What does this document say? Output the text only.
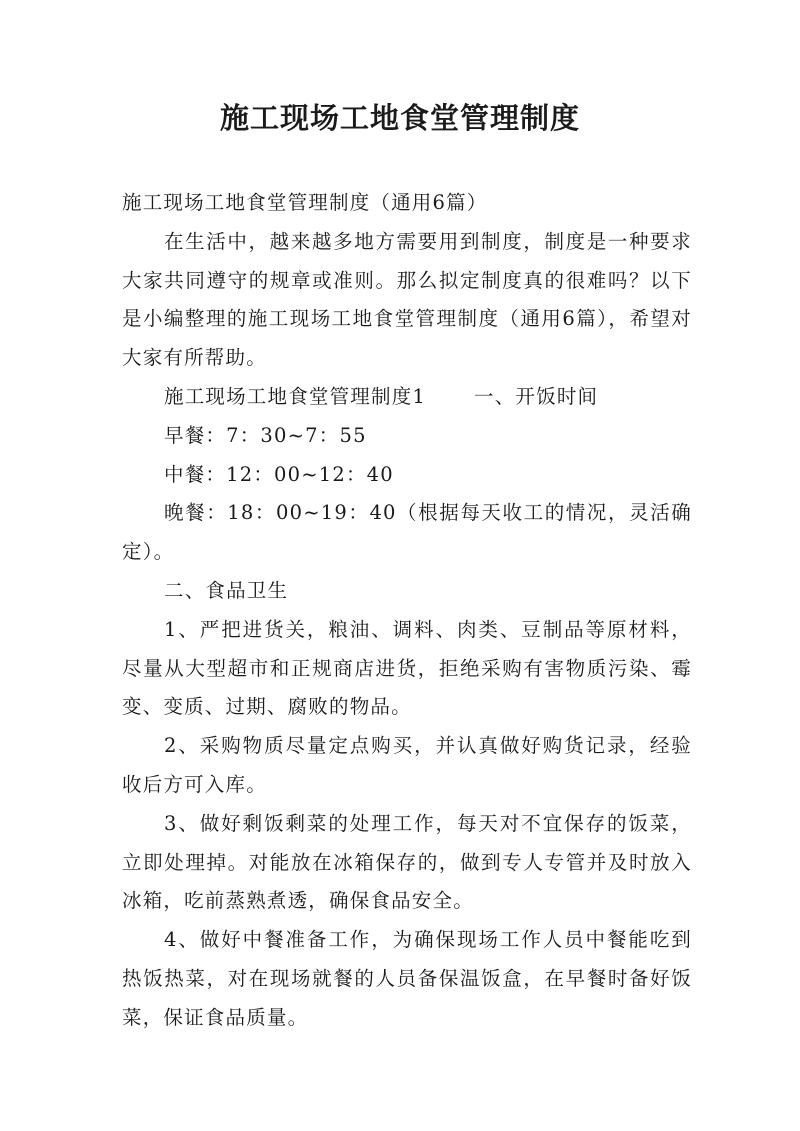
施工现场工地食堂管理制度

施工现场工地食堂管理制度（通用6篇）

在生活中，越来越多地方需要用到制度，制度是一种要求大家共同遵守的规章或准则。那么拟定制度真的很难吗？以下是小编整理的施工现场工地食堂管理制度（通用6篇），希望对大家有所帮助。

施工现场工地食堂管理制度1 一、开饭时间

早餐：7：30~7：55

中餐：12：00~12：40

晚餐：18：00~19：40（根据每天收工的情况，灵活确定）。

二、食品卫生

1、严把进货关，粮油、调料、肉类、豆制品等原材料，尽量从大型超市和正规商店进货，拒绝采购有害物质污染、霉变、变质、过期、腐败的物品。

2、采购物质尽量定点购买，并认真做好购货记录，经验收后方可入库。

3、做好剩饭剩菜的处理工作，每天对不宜保存的饭菜，立即处理掉。对能放在冰箱保存的，做到专人专管并及时放入冰箱，吃前蒸熟煮透，确保食品安全。

4、做好中餐准备工作，为确保现场工作人员中餐能吃到热饭热菜，对在现场就餐的人员备保温饭盒，在早餐时备好饭菜，保证食品质量。
